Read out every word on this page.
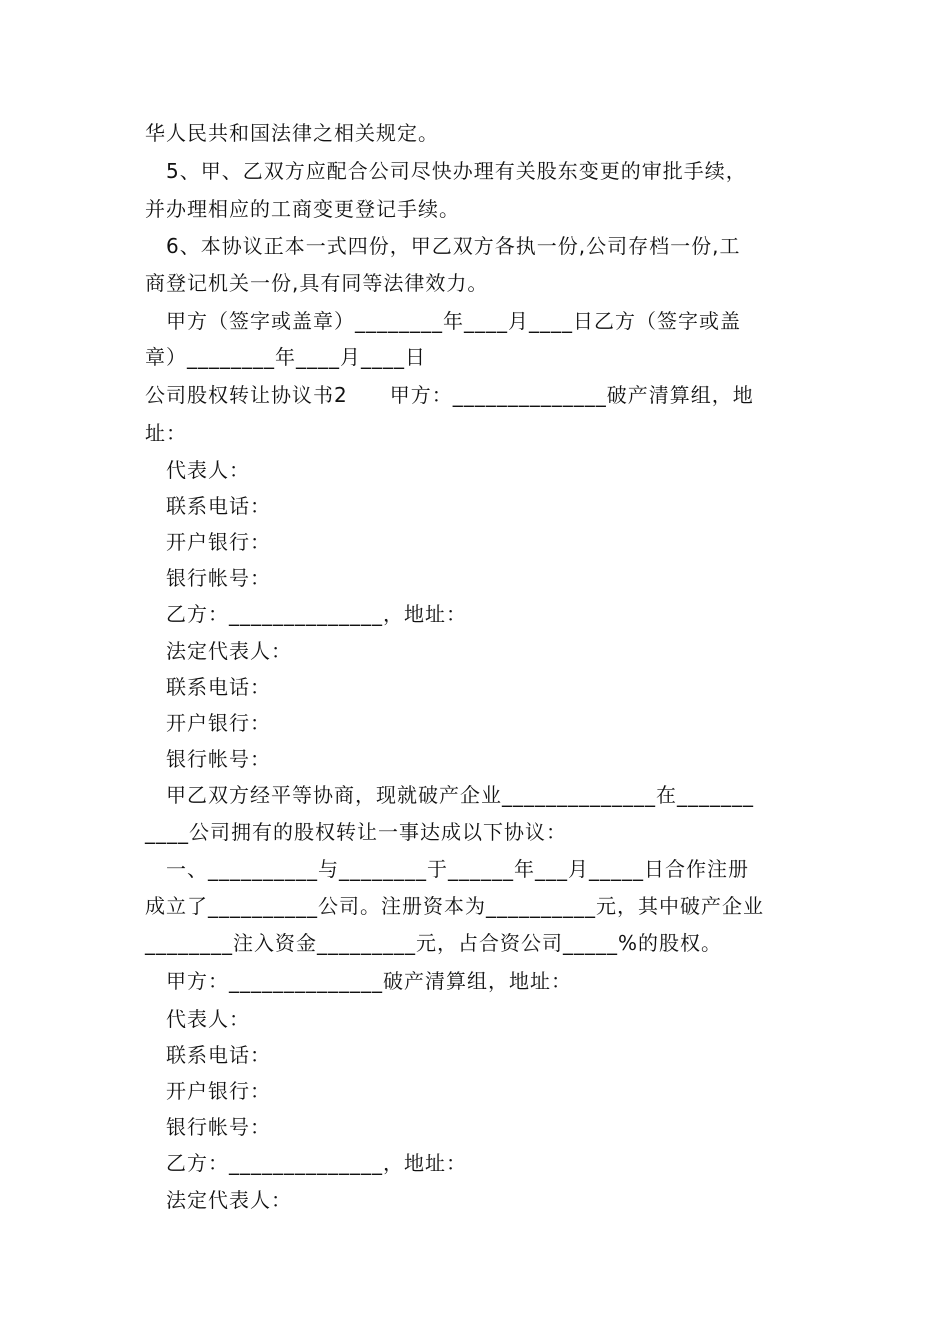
华人民共和国法律之相关规定。
　5、甲、乙双方应配合公司尽快办理有关股东变更的审批手续，
并办理相应的工商变更登记手续。
　6、本协议正本一式四份，甲乙双方各执一份,公司存档一份,工
商登记机关一份,具有同等法律效力。
　甲方（签字或盖章）________年____月____日乙方（签字或盖
章）________年____月____日
公司股权转让协议书2　　甲方：______________破产清算组，地
址：
　代表人：
　联系电话：
　开户银行：
　银行帐号：
　乙方：______________，地址：
　法定代表人：
　联系电话：
　开户银行：
　银行帐号：
　甲乙双方经平等协商，现就破产企业______________在_______
____公司拥有的股权转让一事达成以下协议：
　一、__________与________于______年___月_____日合作注册
成立了__________公司。注册资本为__________元，其中破产企业
________注入资金_________元，占合资公司_____%的股权。
　甲方：______________破产清算组，地址：
　代表人：
　联系电话：
　开户银行：
　银行帐号：
　乙方：______________，地址：
　法定代表人：
